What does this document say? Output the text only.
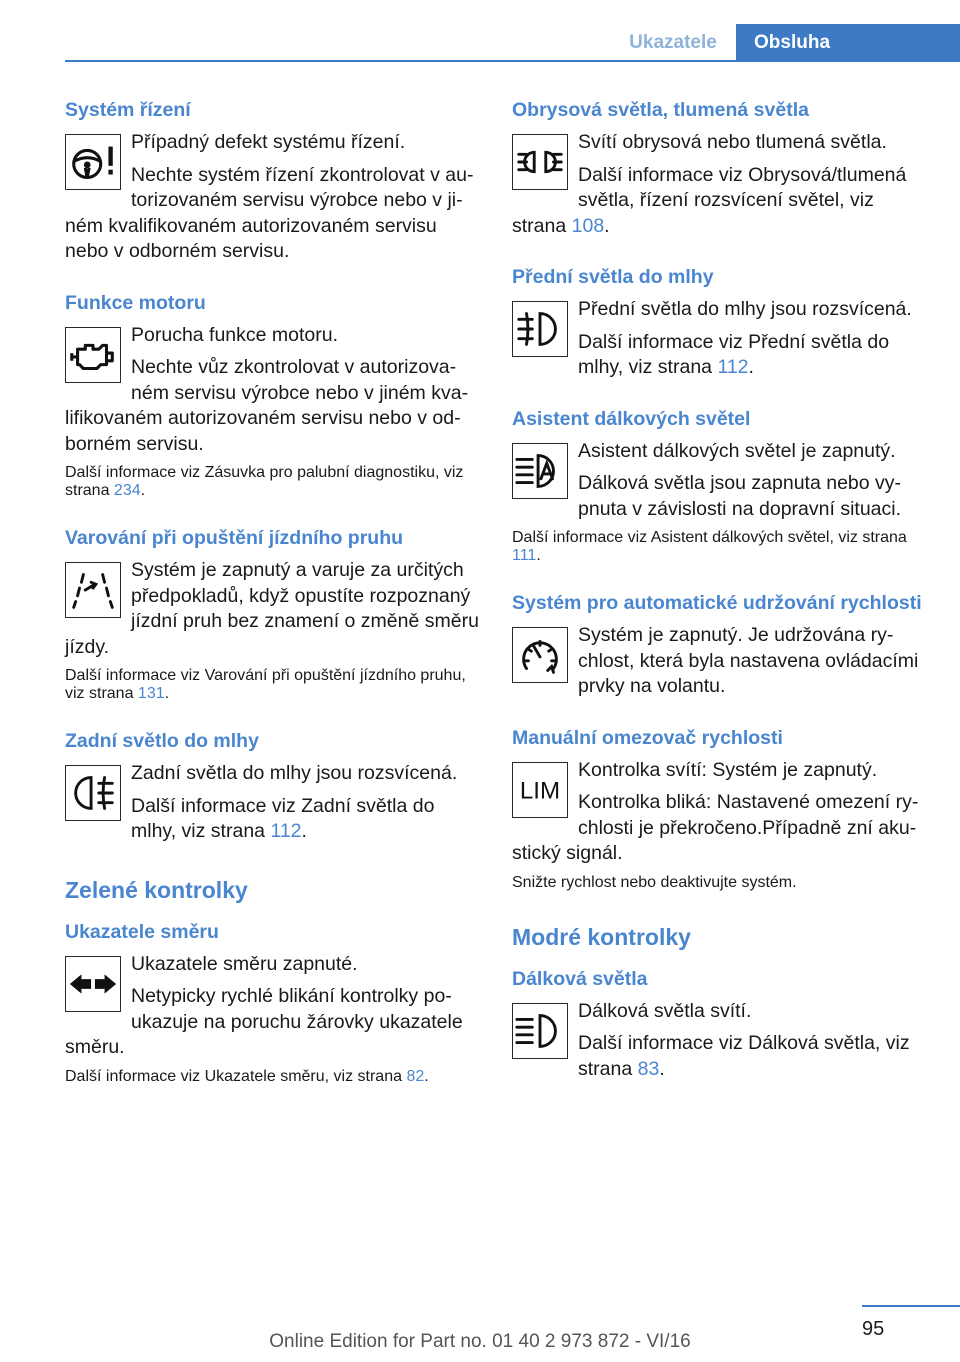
Ukazatele	Obsluha
Systém řízení
Případný defekt systému řízení.
Nechte systém řízení zkontrolovat v autorizovaném servisu výrobce nebo v jiném kvalifikovaném autorizovaném servisu nebo v odborném servisu.
Funkce motoru
Porucha funkce motoru.
Nechte vůz zkontrolovat v autorizovaném servisu výrobce nebo v jiném kvalifikovaném autorizovaném servisu nebo v odborném servisu.
Další informace viz Zásuvka pro palubní diagnostiku, viz strana 234.
Varování při opuštění jízdního pruhu
Systém je zapnutý a varuje za určitých předpokladů, když opustíte rozpoznaný jízdní pruh bez znamení o změně směru jízdy.
Další informace viz Varování při opuštění jízdního pruhu, viz strana 131.
Zadní světlo do mlhy
Zadní světla do mlhy jsou rozsvícená.
Další informace viz Zadní světla do mlhy, viz strana 112.
Zelené kontrolky
Ukazatele směru
Ukazatele směru zapnuté.
Netypicky rychlé blikání kontrolky poukazuje na poruchu žárovky ukazatele směru.
Další informace viz Ukazatele směru, viz strana 82.
Obrysová světla, tlumená světla
Svítí obrysová nebo tlumená světla.
Další informace viz Obrysová/tlumená světla, řízení rozsvícení světel, viz strana 108.
Přední světla do mlhy
Přední světla do mlhy jsou rozsvícená.
Další informace viz Přední světla do mlhy, viz strana 112.
Asistent dálkových světel
Asistent dálkových světel je zapnutý.
Dálková světla jsou zapnuta nebo vypnuta v závislosti na dopravní situaci.
Další informace viz Asistent dálkových světel, viz strana 111.
Systém pro automatické udržování rychlosti
Systém je zapnutý. Je udržována rychlost, která byla nastavena ovládacími prvky na volantu.
Manuální omezovač rychlosti
LIM
Kontrolka svítí: Systém je zapnutý.
Kontrolka bliká: Nastavené omezení rychlosti je překročeno.Případně zní akustický signál.
Snižte rychlost nebo deaktivujte systém.
Modré kontrolky
Dálková světla
Dálková světla svítí.
Další informace viz Dálková světla, viz strana 83.
95
Online Edition for Part no. 01 40 2 973 872 - VI/16
